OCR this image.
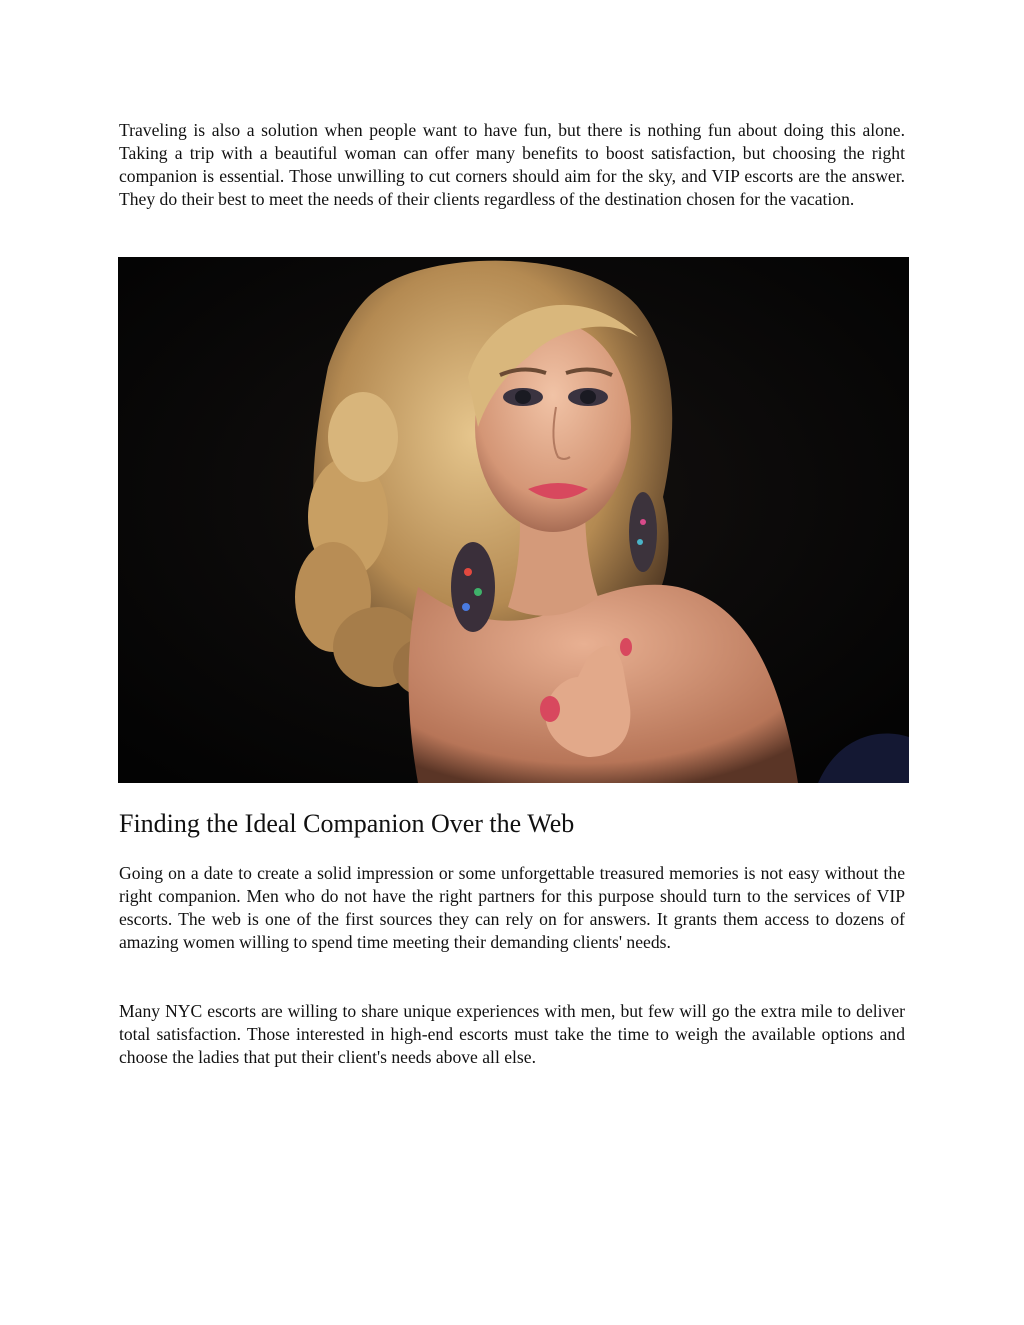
Traveling is also a solution when people want to have fun, but there is nothing fun about doing this alone. Taking a trip with a beautiful woman can offer many benefits to boost satisfaction, but choosing the right companion is essential. Those unwilling to cut corners should aim for the sky, and VIP escorts are the answer. They do their best to meet the needs of their clients regardless of the destination chosen for the vacation.

Finding the Ideal Companion Over the Web

Going on a date to create a solid impression or some unforgettable treasured memories is not easy without the right companion. Men who do not have the right partners for this purpose should turn to the services of VIP escorts. The web is one of the first sources they can rely on for answers. It grants them access to dozens of amazing women willing to spend time meeting their demanding clients' needs.

Many NYC escorts are willing to share unique experiences with men, but few will go the extra mile to deliver total satisfaction. Those interested in high-end escorts must take the time to weigh the available options and choose the ladies that put their client's needs above all else.
